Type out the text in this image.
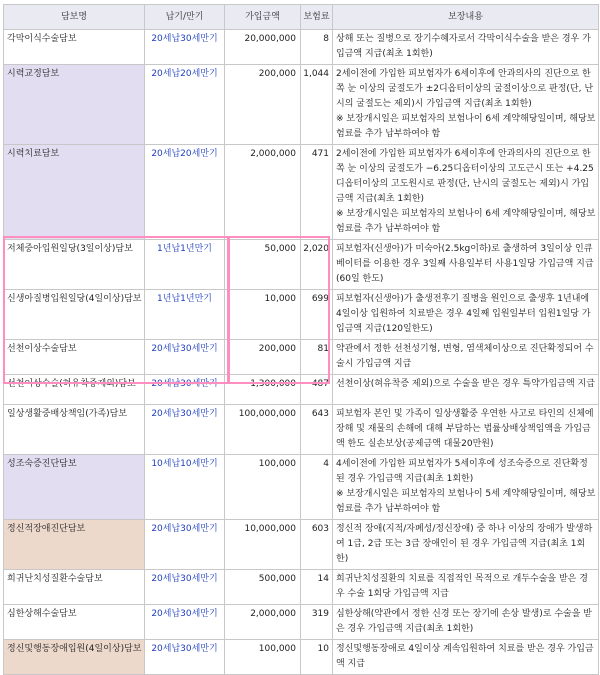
담보명	납기/만기	가입금액	보험료	보장내용
각막이식수술담보	20세납30세만기	20,000,000	8	상해 또는 질병으로 장기수혜자로서 각막이식수술을 받은 경우 가입금액 지급(최초 1회한)
시력교정담보	20세납20세만기	200,000	1,044	2세이전에 가입한 피보험자가 6세이후에 안과의사의 진단으로 한쪽 눈 이상의 굴절도가 ±2디옵터이상의 굴절이상으로 판정(단, 난시의 굴절도는 제외)시 가입금액 지급(최초 1회한)
※ 보장개시일은 피보험자의 보험나이 6세 계약해당일이며, 해당보험료를 추가 납부하여야 함
시력치료담보	20세납20세만기	2,000,000	471	2세이전에 가입한 피보험자가 6세이후에 안과의사의 진단으로 한쪽 눈 이상의 굴절도가 −6.25디옵터이상의 고도근시 또는 +4.25디옵터이상의 고도원시로 판정(단, 난시의 굴절도는 제외)시 가입금액 지급(최초 1회한)
※ 보장개시일은 피보험자의 보험나이 6세 계약해당일이며, 해당보험료를 추가 납부하여야 함
저체중아입원일당(3일이상)담보	1년납1년만기	50,000	2,020	피보험자(신생아)가 미숙아(2.5kg이하)로 출생하여 3일이상 인큐베이터를 이용한 경우 3일째 사용일부터 사용1일당 가입금액 지급(60일 한도)
신생아질병입원일당(4일이상)담보	1년납1년만기	10,000	699	피보험자(신생아)가 출생전후기 질병을 원인으로 출생후 1년내에 4일이상 입원하여 치료받은 경우 4일째 입원일부터 입원1일당 가입금액 지급(120일한도)
선천이상수술담보	20세납30세만기	200,000	81	약관에서 정한 선천성기형, 변형, 염색체이상으로 진단확정되어 수술시 가입금액 지급
선천이상수술(혀유착증제외)담보	20세납30세만기	1,300,000	487	선천이상(혀유착증 제외)으로 수술을 받은 경우 특약가입금액 지급
일상생활중배상책임(가족)담보	20세납30세만기	100,000,000	643	피보험자 본인 및 가족이 일상생활중 우연한 사고로 타인의 신체에 장해 및 재물의 손해에 대해 부담하는 법률상배상책임액을 가입금액 한도 실손보상(공제금액 대물20만원)
성조숙증진단담보	10세납10세만기	100,000	4	4세이전에 가입한 피보험자가 5세이후에 성조숙증으로 진단확정된 경우 가입금액 지급(최초 1회한)
※ 보장개시일은 피보험자의 보험나이 5세 계약해당일이며, 해당보험료를 추가 납부하여야 함
정신적장애진단담보	20세납30세만기	10,000,000	603	정신적 장애(지적/자폐성/정신장애) 중 하나 이상의 장애가 발생하여 1급, 2급 또는 3급 장애인이 된 경우 가입금액 지급(최초 1회한)
희귀난치성질환수술담보	20세납30세만기	500,000	14	희귀난치성질환의 치료를 직접적인 목적으로 개두수술을 받은 경우 수술 1회당 가입금액 지급
심한상해수술담보	20세납30세만기	2,000,000	319	심한상해(약관에서 정한 신경 또는 장기에 손상 발생)로 수술을 받은 경우 가입금액 지급(최초 1회한)
정신및행동장애입원(4일이상)담보	20세납30세만기	100,000	10	정신및행동장애로 4일이상 계속입원하여 치료를 받은 경우 가입금액 지급
